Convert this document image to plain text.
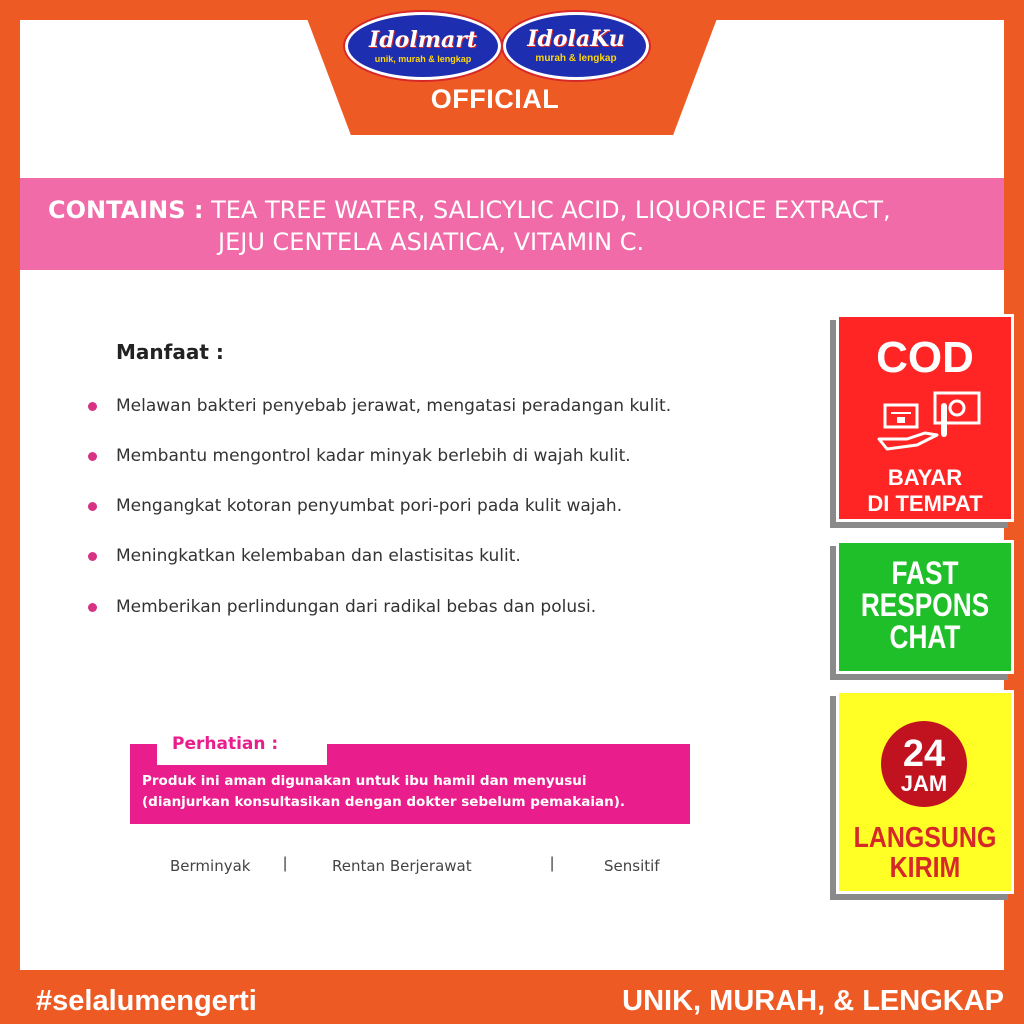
Idolmart
unik, murah & lengkap
IdolaKu
murah & lengkap
OFFICIAL
CONTAINS : TEA TREE WATER, SALICYLIC ACID, LIQUORICE EXTRACT,
JEJU CENTELA ASIATICA, VITAMIN C.
Manfaat :
Melawan bakteri penyebab jerawat, mengatasi peradangan kulit.
Membantu mengontrol kadar minyak berlebih di wajah kulit.
Mengangkat kotoran penyumbat pori-pori pada kulit wajah.
Meningkatkan kelembaban dan elastisitas kulit.
Memberikan perlindungan dari radikal bebas dan polusi.
Perhatian :
Produk ini aman digunakan untuk ibu hamil dan menyusui
(dianjurkan konsultasikan dengan dokter sebelum pemakaian).
Berminyak |	Rentan Berjerawat	|	Sensitif
COD
BAYAR
DI TEMPAT
FAST
RESPONS
CHAT
24
JAM
LANGSUNG
KIRIM
#selalumengerti	UNIK, MURAH, & LENGKAP
